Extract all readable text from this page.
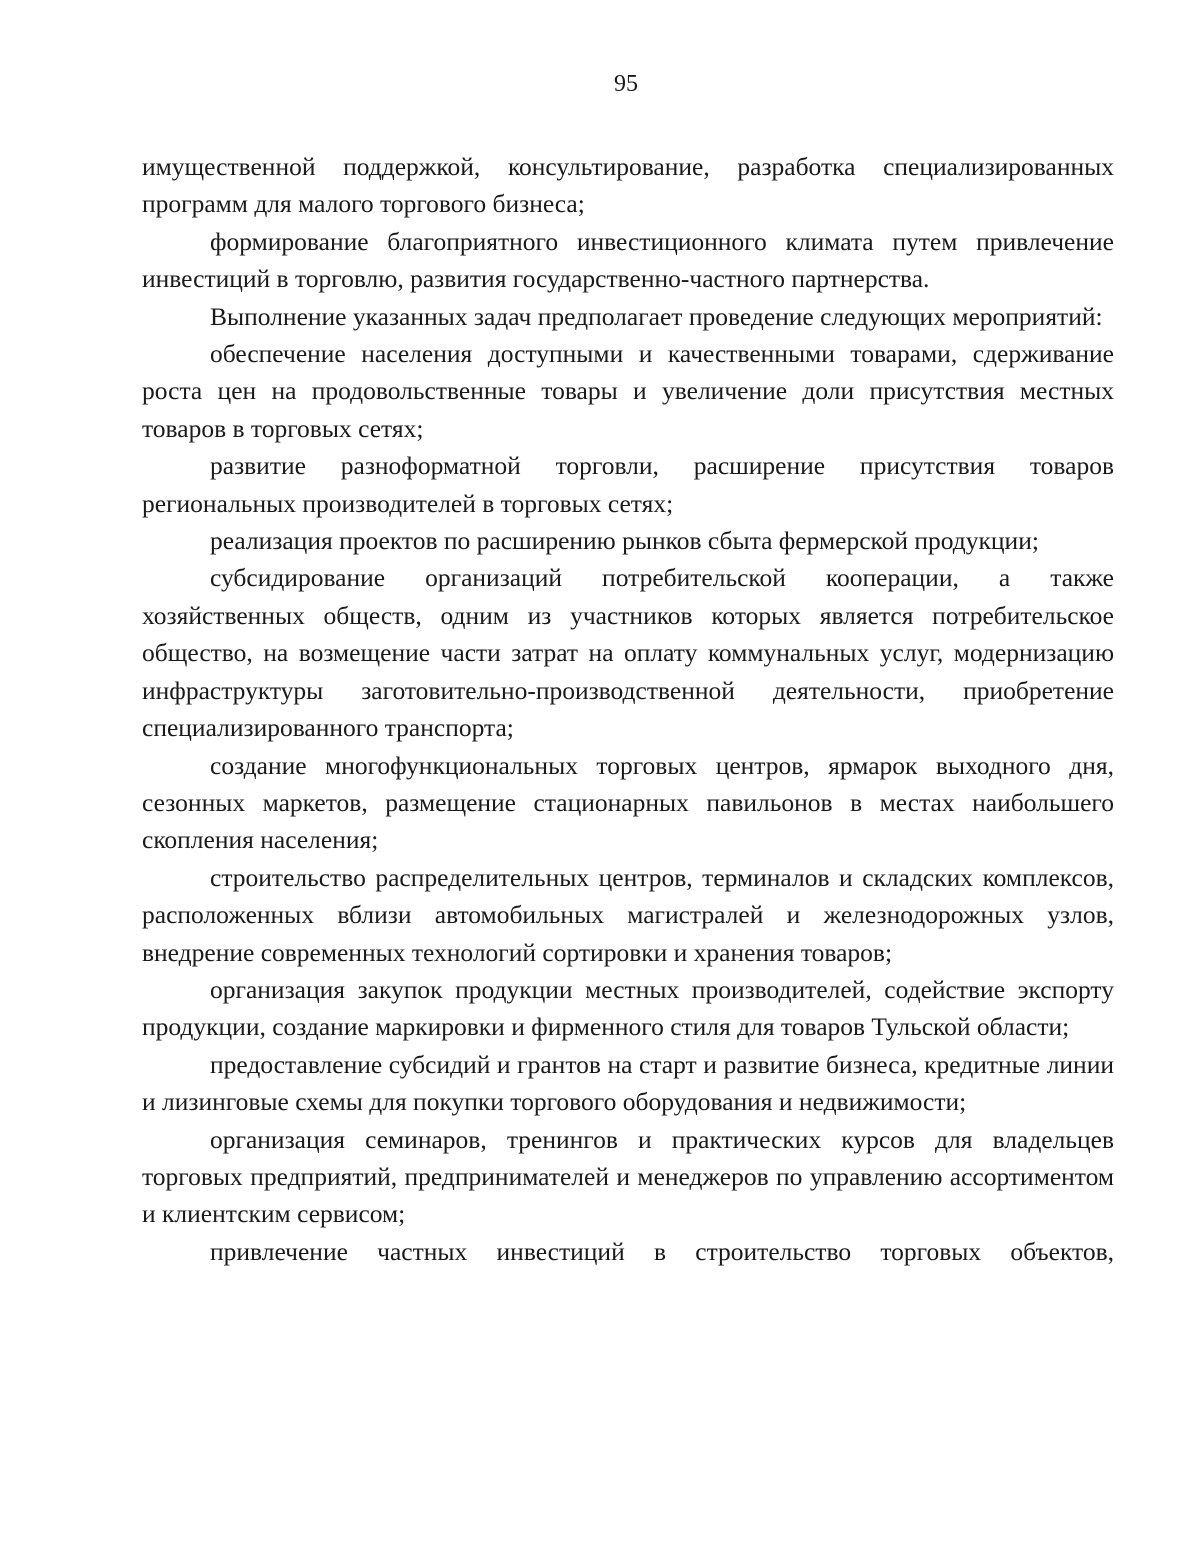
95

имущественной поддержкой, консультирование, разработка специализированных программ для малого торгового бизнеса;

формирование благоприятного инвестиционного климата путем привлечение инвестиций в торговлю, развития государственно-частного партнерства.

Выполнение указанных задач предполагает проведение следующих мероприятий:

обеспечение населения доступными и качественными товарами, сдерживание роста цен на продовольственные товары и увеличение доли присутствия местных товаров в торговых сетях;

развитие разноформатной торговли, расширение присутствия товаров региональных производителей в торговых сетях;

реализация проектов по расширению рынков сбыта фермерской продукции;

субсидирование организаций потребительской кооперации, а также хозяйственных обществ, одним из участников которых является потребительское общество, на возмещение части затрат на оплату коммунальных услуг, модернизацию инфраструктуры заготовительно-производственной деятельности, приобретение специализированного транспорта;

создание многофункциональных торговых центров, ярмарок выходного дня, сезонных маркетов, размещение стационарных павильонов в местах наибольшего скопления населения;

строительство распределительных центров, терминалов и складских комплексов, расположенных вблизи автомобильных магистралей и железнодорожных узлов, внедрение современных технологий сортировки и хранения товаров;

организация закупок продукции местных производителей, содействие экспорту продукции, создание маркировки и фирменного стиля для товаров Тульской области;

предоставление субсидий и грантов на старт и развитие бизнеса, кредитные линии и лизинговые схемы для покупки торгового оборудования и недвижимости;

организация семинаров, тренингов и практических курсов для владельцев торговых предприятий, предпринимателей и менеджеров по управлению ассортиментом и клиентским сервисом;

привлечение частных инвестиций в строительство торговых объектов,
